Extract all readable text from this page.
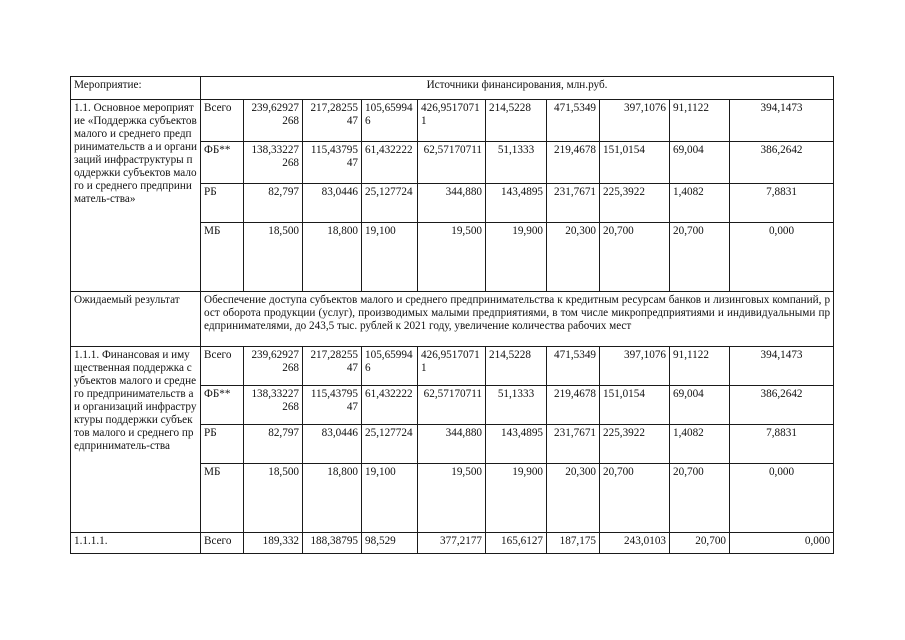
Мероприятие:	Источники финансирования, млн.руб.									
1.1. Основное мероприятие «Поддержка субъектов малого и среднего предпринимательств а и организаций инфраструктуры поддержки субъектов малого и среднего предприниматель-ства»	Всего	239,62927268	217,2825547	105,659946	426,95170711	214,5228	471,5349	397,1076	91,1122	394,1473
	ФБ**	138,33227268	115,4379547	61,432222	62,57170711	51,1333	219,4678	151,0154	69,004	386,2642
	РБ	82,797	83,0446	25,127724	344,880	143,4895	231,7671	225,3922	1,4082	7,8831
	МБ	18,500	18,800	19,100	19,500	19,900	20,300	20,700	20,700	0,000
Ожидаемый результат	Обеспечение доступа субъектов малого и среднего предпринимательства к кредитным ресурсам банков и лизинговых компаний, рост оборота продукции (услуг), производимых малыми предприятиями, в том числе микропредприятиями и индивидуальными предпринимателями, до 243,5 тыс. рублей к 2021 году, увеличение количества рабочих мест									
1.1.1. Финансовая и имущественная поддержка субъектов малого и среднего предпринимательств а и организаций инфраструктуры поддержки субъектов малого и среднего предприниматель-ства	Всего	239,62927268	217,2825547	105,659946	426,95170711	214,5228	471,5349	397,1076	91,1122	394,1473
	ФБ**	138,33227268	115,4379547	61,432222	62,57170711	51,1333	219,4678	151,0154	69,004	386,2642
	РБ	82,797	83,0446	25,127724	344,880	143,4895	231,7671	225,3922	1,4082	7,8831
	МБ	18,500	18,800	19,100	19,500	19,900	20,300	20,700	20,700	0,000
1.1.1.1.	Всего	189,332	188,38795	98,529	377,2177	165,6127	187,175	243,0103	20,700	0,000
